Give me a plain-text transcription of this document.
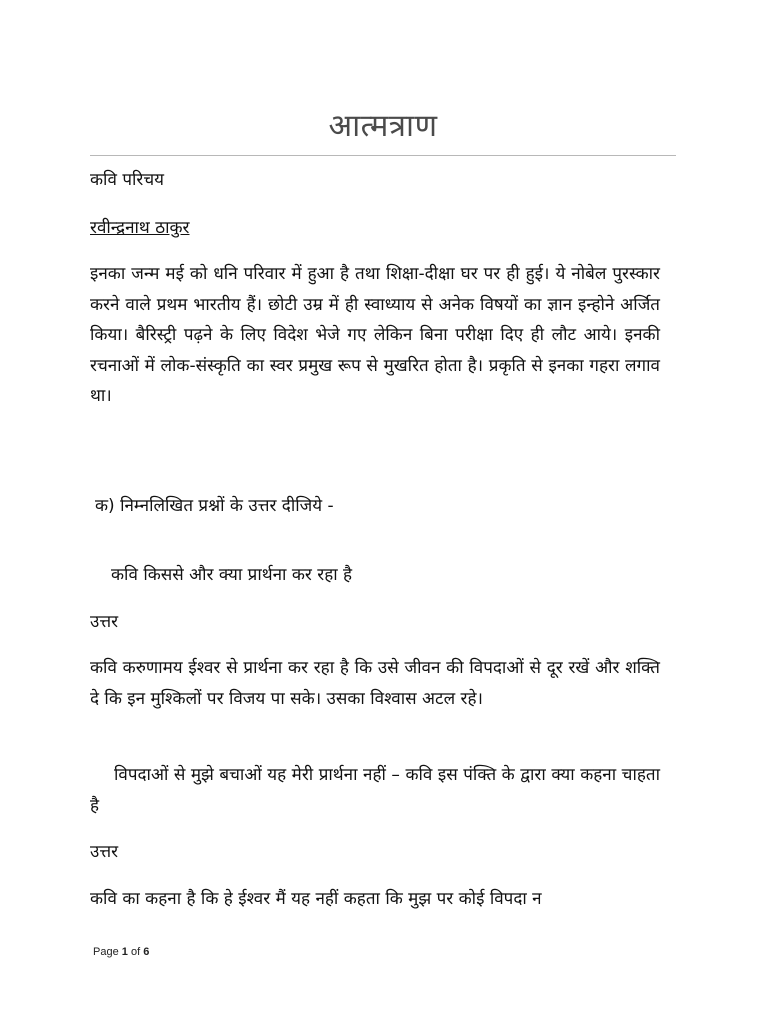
आत्मत्राण
कवि परिचय
रवीन्द्रनाथ ठाकुर
इनका जन्म मई को धनि परिवार में हुआ है तथा शिक्षा-दीक्षा घर पर ही हुई। ये नोबेल पुरस्कार करने वाले प्रथम भारतीय हैं। छोटी उम्र में ही स्वाध्याय से अनेक विषयों का ज्ञान इन्होने अर्जित किया। बैरिस्ट्री पढ़ने के लिए विदेश भेजे गए लेकिन बिना परीक्षा दिए ही लौट आये। इनकी रचनाओं में लोक-संस्कृति का स्वर प्रमुख रूप से मुखरित होता है। प्रकृति से इनका गहरा लगाव था।
क) निम्नलिखित प्रश्नों के उत्तर दीजिये -
कवि किससे और क्या प्रार्थना कर रहा है
उत्तर
कवि करुणामय ईश्वर से प्रार्थना कर रहा है कि उसे जीवन की विपदाओं से दूर रखें और शक्ति दे कि इन मुश्किलों पर विजय पा सके। उसका विश्वास अटल रहे।
विपदाओं से मुझे बचाओं यह मेरी प्रार्थना नहीं – कवि इस पंक्ति के द्वारा क्या कहना चाहता है
उत्तर
कवि का कहना है कि हे ईश्वर मैं यह नहीं कहता कि मुझ पर कोई विपदा न
Page 1 of 6
